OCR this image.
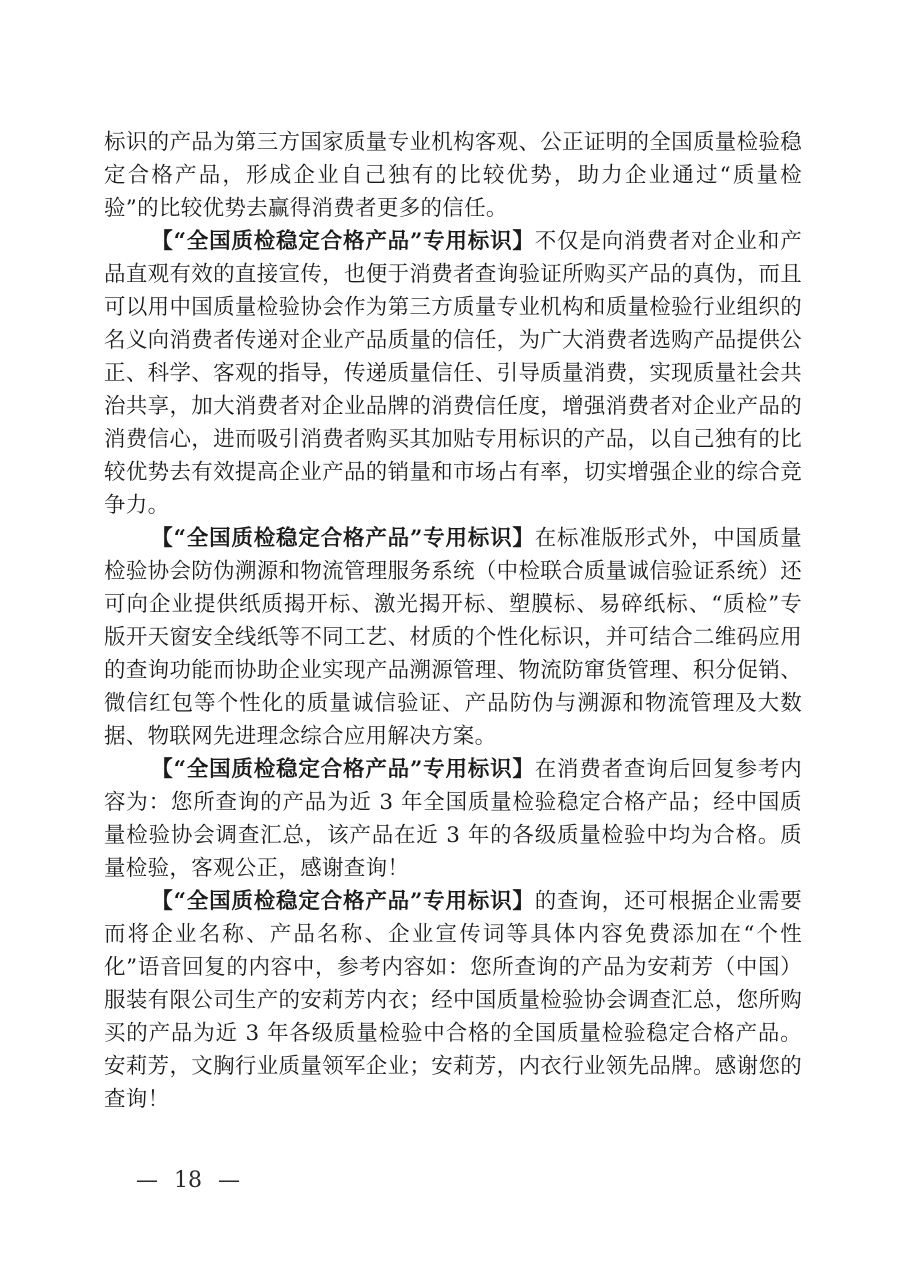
标识的产品为第三方国家质量专业机构客观、公正证明的全国质量检验稳定合格产品，形成企业自己独有的比较优势，助力企业通过“质量检验”的比较优势去赢得消费者更多的信任。

【“全国质检稳定合格产品”专用标识】不仅是向消费者对企业和产品直观有效的直接宣传，也便于消费者查询验证所购买产品的真伪，而且可以用中国质量检验协会作为第三方质量专业机构和质量检验行业组织的名义向消费者传递对企业产品质量的信任，为广大消费者选购产品提供公正、科学、客观的指导，传递质量信任、引导质量消费，实现质量社会共治共享，加大消费者对企业品牌的消费信任度，增强消费者对企业产品的消费信心，进而吸引消费者购买其加贴专用标识的产品，以自己独有的比较优势去有效提高企业产品的销量和市场占有率，切实增强企业的综合竞争力。

【“全国质检稳定合格产品”专用标识】在标准版形式外，中国质量检验协会防伪溯源和物流管理服务系统（中检联合质量诚信验证系统）还可向企业提供纸质揭开标、激光揭开标、塑膜标、易碎纸标、“质检”专版开天窗安全线纸等不同工艺、材质的个性化标识，并可结合二维码应用的查询功能而协助企业实现产品溯源管理、物流防窜货管理、积分促销、微信红包等个性化的质量诚信验证、产品防伪与溯源和物流管理及大数据、物联网先进理念综合应用解决方案。

【“全国质检稳定合格产品”专用标识】在消费者查询后回复参考内容为：您所查询的产品为近 3 年全国质量检验稳定合格产品；经中国质量检验协会调查汇总，该产品在近 3 年的各级质量检验中均为合格。质量检验，客观公正，感谢查询！

【“全国质检稳定合格产品”专用标识】的查询，还可根据企业需要而将企业名称、产品名称、企业宣传词等具体内容免费添加在“个性化”语音回复的内容中，参考内容如：您所查询的产品为安莉芳（中国）服装有限公司生产的安莉芳内衣；经中国质量检验协会调查汇总，您所购买的产品为近 3 年各级质量检验中合格的全国质量检验稳定合格产品。安莉芳，文胸行业质量领军企业；安莉芳，内衣行业领先品牌。感谢您的查询！

— 18 —
